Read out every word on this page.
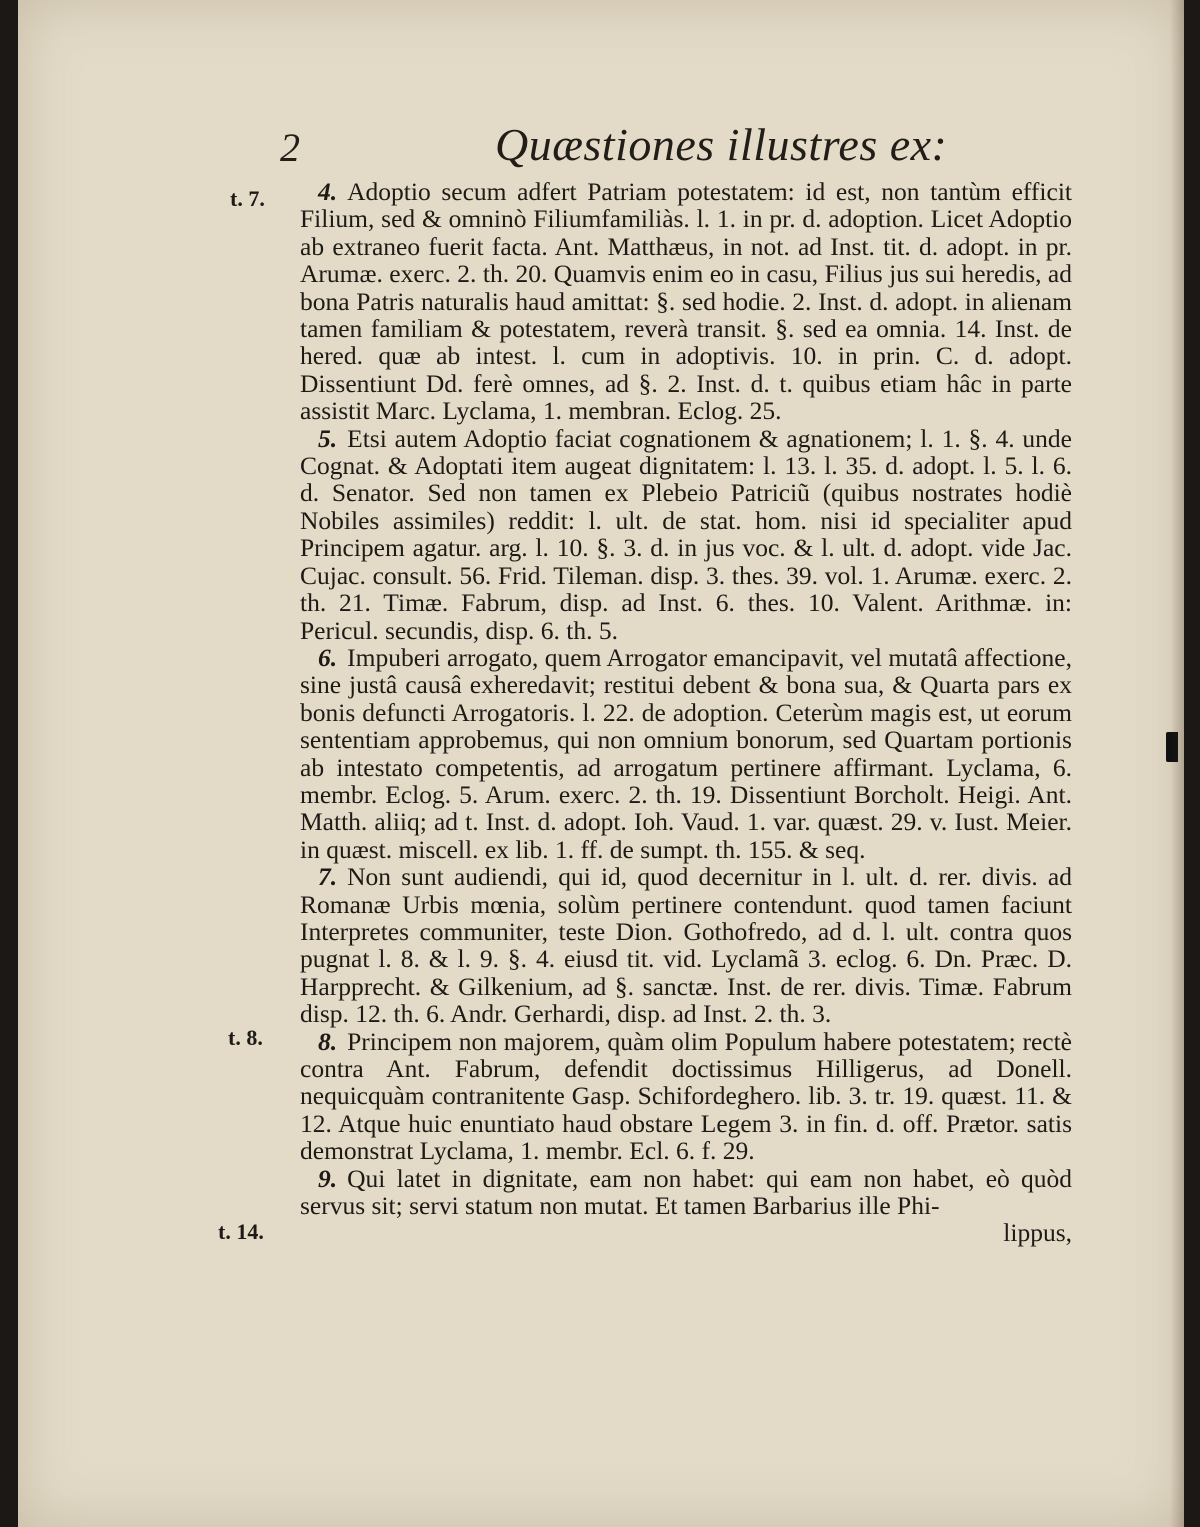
2	Quæstiones illustres ex:
t. 7.
t. 8.
t. 14.

4. Adoptio secum adfert Patriam potestatem: id est, non tantùm efficit Filium, sed & omninò Filiumfamiliàs. l. 1. in pr. d. adoption. Licet Adoptio ab extraneo fuerit facta. Ant. Matthæus, in not. ad Inst. tit. d. adopt. in pr. Arumæ. exerc. 2. th. 20. Quamvis enim eo in casu, Filius jus sui heredis, ad bona Patris naturalis haud amittat: §. sed hodie. 2. Inst. d. adopt. in alienam tamen familiam & potestatem, reverà transit. §. sed ea omnia. 14. Inst. de hered. quæ ab intest. l. cum in adoptivis. 10. in prin. C. d. adopt. Dissentiunt Dd. ferè omnes, ad §. 2. Inst. d. t. quibus etiam hâc in parte assistit Marc. Lyclama, 1. membran. Eclog. 25.

5. Etsi autem Adoptio faciat cognationem & agnationem; l. 1. §. 4. unde Cognat. & Adoptati item augeat dignitatem: l. 13. l. 35. d. adopt. l. 5. l. 6. d. Senator. Sed non tamen ex Plebeio Patriciũ (quibus nostrates hodiè Nobiles assimiles) reddit: l. ult. de stat. hom. nisi id specialiter apud Principem agatur. arg. l. 10. §. 3. d. in jus voc. & l. ult. d. adopt. vide Jac. Cujac. consult. 56. Frid. Tileman. disp. 3. thes. 39. vol. 1. Arumæ. exerc. 2. th. 21. Timæ. Fabrum, disp. ad Inst. 6. thes. 10. Valent. Arithmæ. in: Pericul. secundis, disp. 6. th. 5.

6. Impuberi arrogato, quem Arrogator emancipavit, vel mutatâ affectione, sine justâ causâ exheredavit; restitui debent & bona sua, & Quarta pars ex bonis defuncti Arrogatoris. l. 22. de adoption. Ceterùm magis est, ut eorum sententiam approbemus, qui non omnium bonorum, sed Quartam portionis ab intestato competentis, ad arrogatum pertinere affirmant. Lyclama, 6. membr. Eclog. 5. Arum. exerc. 2. th. 19. Dissentiunt Borcholt. Heigi. Ant. Matth. aliiq; ad t. Inst. d. adopt. Ioh. Vaud. 1. var. quæst. 29. v. Iust. Meier. in quæst. miscell. ex lib. 1. ff. de sumpt. th. 155. & seq.

7. Non sunt audiendi, qui id, quod decernitur in l. ult. d. rer. divis. ad Romanæ Urbis mœnia, solùm pertinere contendunt. quod tamen faciunt Interpretes communiter, teste Dion. Gothofredo, ad d. l. ult. contra quos pugnat l. 8. & l. 9. §. 4. eiusd tit. vid. Lyclamã 3. eclog. 6. Dn. Præc. D. Harpprecht. & Gilkenium, ad §. sanctæ. Inst. de rer. divis. Timæ. Fabrum disp. 12. th. 6. Andr. Gerhardi, disp. ad Inst. 2. th. 3.

8. Principem non majorem, quàm olim Populum habere potestatem; rectè contra Ant. Fabrum, defendit doctissimus Hilligerus, ad Donell. nequicquàm contranitente Gasp. Schifordeghero. lib. 3. tr. 19. quæst. 11. & 12. Atque huic enuntiato haud obstare Legem 3. in fin. d. off. Prætor. satis demonstrat Lyclama, 1. membr. Ecl. 6. f. 29.

9. Qui latet in dignitate, eam non habet: qui eam non habet, eò quòd servus sit; servi statum non mutat. Et tamen Barbarius ille Phi-

lippus,
